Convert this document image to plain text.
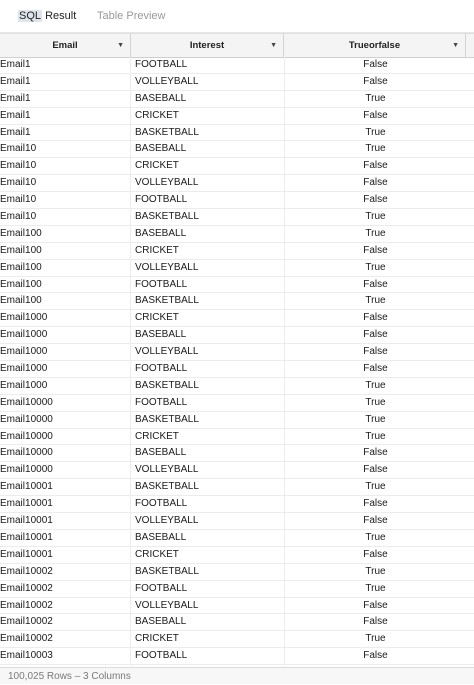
SQL Result Table Preview
Email	▼	Interest	▼	Trueorfalse	▼
Email1	FOOTBALL	False
Email1	VOLLEYBALL	False
Email1	BASEBALL	True
Email1	CRICKET	False
Email1	BASKETBALL	True
Email10	BASEBALL	True
Email10	CRICKET	False
Email10	VOLLEYBALL	False
Email10	FOOTBALL	False
Email10	BASKETBALL	True
Email100	BASEBALL	True
Email100	CRICKET	False
Email100	VOLLEYBALL	True
Email100	FOOTBALL	False
Email100	BASKETBALL	True
Email1000	CRICKET	False
Email1000	BASEBALL	False
Email1000	VOLLEYBALL	False
Email1000	FOOTBALL	False
Email1000	BASKETBALL	True
Email10000	FOOTBALL	True
Email10000	BASKETBALL	True
Email10000	CRICKET	True
Email10000	BASEBALL	False
Email10000	VOLLEYBALL	False
Email10001	BASKETBALL	True
Email10001	FOOTBALL	False
Email10001	VOLLEYBALL	False
Email10001	BASEBALL	True
Email10001	CRICKET	False
Email10002	BASKETBALL	True
Email10002	FOOTBALL	True
Email10002	VOLLEYBALL	False
Email10002	BASEBALL	False
Email10002	CRICKET	True
Email10003	FOOTBALL	False
100,025 Rows – 3 Columns
